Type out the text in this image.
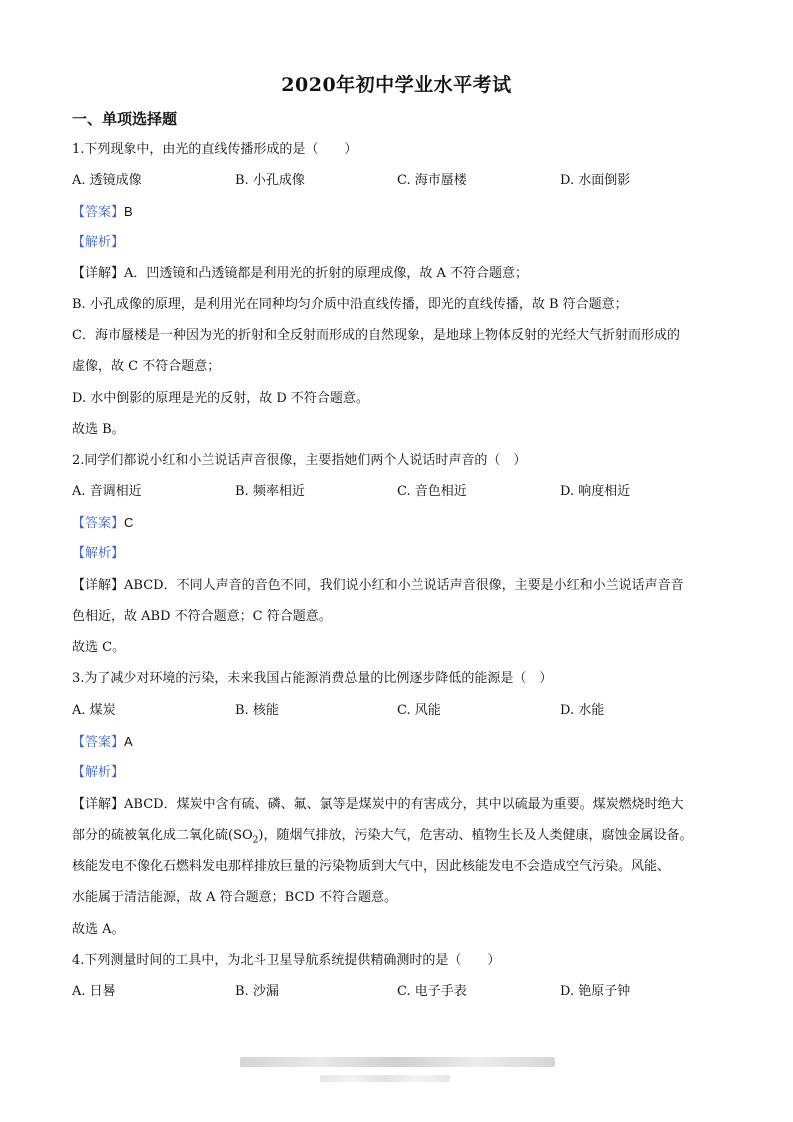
2020年初中学业水平考试
一、单项选择题
1.下列现象中，由光的直线传播形成的是（　　）
A. 透镜成像	B. 小孔成像	C. 海市蜃楼	D. 水面倒影
【答案】B
【解析】
【详解】A．凹透镜和凸透镜都是利用光的折射的原理成像，故 A 不符合题意；
B. 小孔成像的原理，是利用光在同种均匀介质中沿直线传播，即光的直线传播，故 B 符合题意；
C．海市蜃楼是一种因为光的折射和全反射而形成的自然现象，是地球上物体反射的光经大气折射而形成的
虚像，故 C 不符合题意；
D. 水中倒影的原理是光的反射，故 D 不符合题意。
故选 B。
2.同学们都说小红和小兰说话声音很像，主要指她们两个人说话时声音的（　）
A. 音调相近	B. 频率相近	C. 音色相近	D. 响度相近
【答案】C
【解析】
【详解】ABCD．不同人声音的音色不同，我们说小红和小兰说话声音很像，主要是小红和小兰说话声音音
色相近，故 ABD 不符合题意；C 符合题意。
故选 C。
3.为了减少对环境的污染，未来我国占能源消费总量的比例逐步降低的能源是（　）
A. 煤炭	B. 核能	C. 风能	D. 水能
【答案】A
【解析】
【详解】ABCD．煤炭中含有硫、磷、氟、氯等是煤炭中的有害成分，其中以硫最为重要。煤炭燃烧时绝大
部分的硫被氧化成二氧化硫$(SO_2)$，随烟气排放，污染大气，危害动、植物生长及人类健康，腐蚀金属设备。
核能发电不像化石燃料发电那样排放巨量的污染物质到大气中，因此核能发电不会造成空气污染。风能、
水能属于清洁能源，故 A 符合题意；BCD 不符合题意。
故选 A。
4.下列测量时间的工具中，为北斗卫星导航系统提供精确测时的是（　　）
A. 日晷	B. 沙漏	C. 电子手表	D. 铯原子钟
